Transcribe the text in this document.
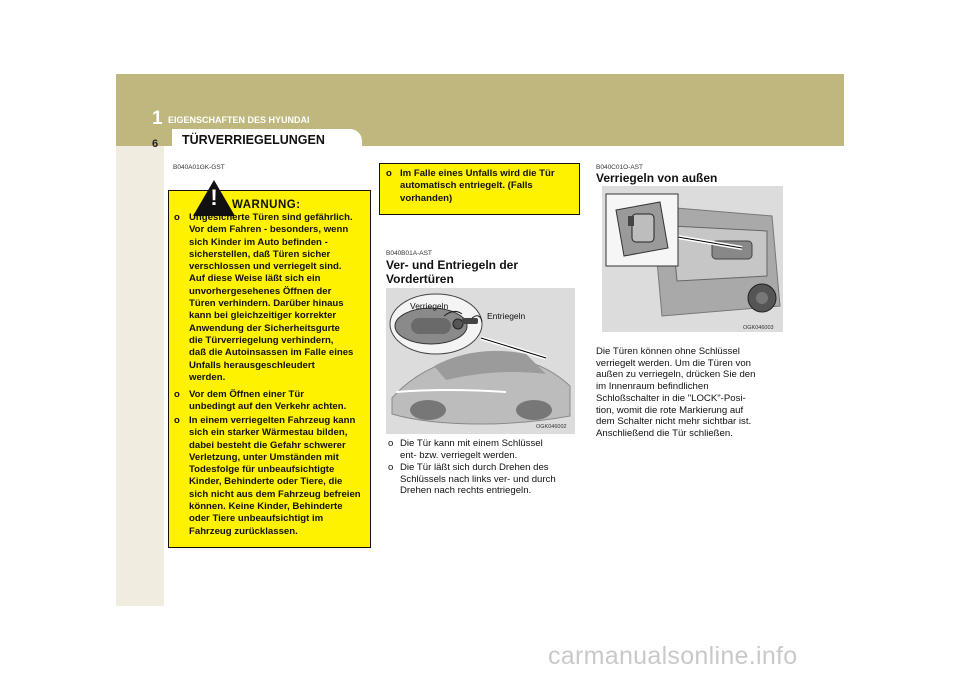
1 EIGENSCHAFTEN DES HYUNDAI
6 TÜRVERRIEGELUNGEN
B040A01GK-GST
! WARNUNG:
o Ungesicherte Türen sind gefährlich.
Vor dem Fahren - besonders, wenn
sich Kinder im Auto befinden -
sicherstellen, daß Türen sicher
verschlossen und verriegelt sind.
Auf diese Weise läßt sich ein
unvorhergesehenes Öffnen der
Türen verhindern. Darüber hinaus
kann bei gleichzeitiger korrekter
Anwendung der Sicherheitsgurte
die Türverriegelung verhindern,
daß die Autoinsassen im Falle eines
Unfalls herausgeschleudert
werden.
o Vor dem Öffnen einer Tür
unbedingt auf den Verkehr achten.
o In einem verriegelten Fahrzeug kann
sich ein starker Wärmestau bilden,
dabei besteht die Gefahr schwerer
Verletzung, unter Umständen mit
Todesfolge für unbeaufsichtigte
Kinder, Behinderte oder Tiere, die
sich nicht aus dem Fahrzeug befreien
können. Keine Kinder, Behinderte
oder Tiere unbeaufsichtigt im
Fahrzeug zurücklassen.
o Im Falle eines Unfalls wird die Tür
automatisch entriegelt. (Falls
vorhanden)
B040B01A-AST
Ver- und Entriegeln der
Vordertüren
Verriegeln
Entriegeln
OGK046002
o Die Tür kann mit einem Schlüssel
ent- bzw. verriegelt werden.
o Die Tür läßt sich durch Drehen des
Schlüssels nach links ver- und durch
Drehen nach rechts entriegeln.
B040C01O-AST
Verriegeln von außen
OGK046003
Die Türen können ohne Schlüssel
verriegelt werden. Um die Türen von
außen zu verriegeln, drücken Sie den
im Innenraum befindlichen
Schloßschalter in die "LOCK"-Posi-
tion, womit die rote Markierung auf
dem Schalter nicht mehr sichtbar ist.
Anschließend die Tür schließen.
carmanualsonline.info
